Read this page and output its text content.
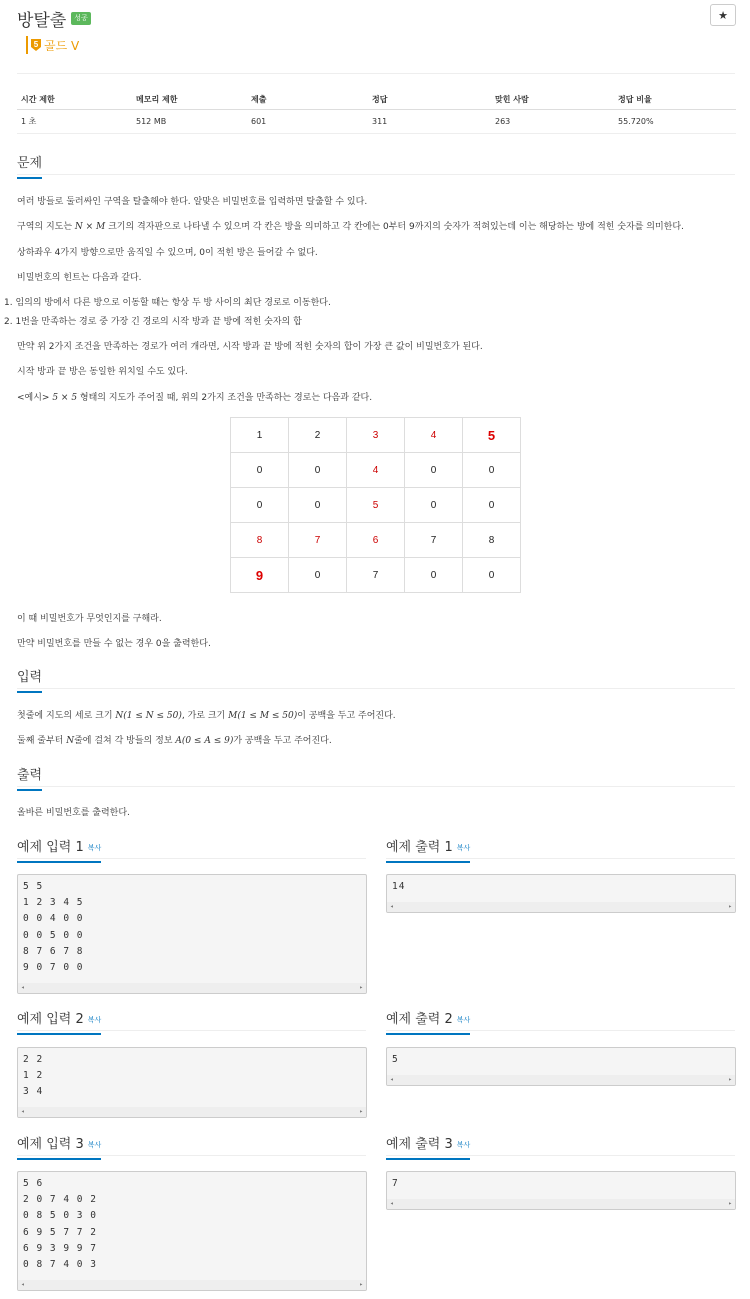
방탈출	성공	★
5 골드 V
시간 제한	메모리 제한	제출	정답	맞힌 사람	정답 비율
1 초	512 MB	601	311	263	55.720%
문제
여러 방들로 둘러싸인 구역을 탈출해야 한다. 알맞은 비밀번호를 입력하면 탈출할 수 있다.
구역의 지도는 N × M 크기의 격자판으로 나타낼 수 있으며 각 칸은 방을 의미하고 각 칸에는 0부터 9까지의 숫자가 적혀있는데 이는 해당하는 방에 적힌 숫자를 의미한다.
상하좌우 4가지 방향으로만 움직일 수 있으며, 0이 적힌 방은 들어갈 수 없다.
비밀번호의 힌트는 다음과 같다.
1. 임의의 방에서 다른 방으로 이동할 때는 항상 두 방 사이의 최단 경로로 이동한다.
2. 1번을 만족하는 경로 중 가장 긴 경로의 시작 방과 끝 방에 적힌 숫자의 합
만약 위 2가지 조건을 만족하는 경로가 여러 개라면, 시작 방과 끝 방에 적힌 숫자의 합이 가장 큰 값이 비밀번호가 된다.
시작 방과 끝 방은 동일한 위치일 수도 있다.
<예시> 5 × 5 형태의 지도가 주어질 때, 위의 2가지 조건을 만족하는 경로는 다음과 같다.
1	2	3	4	5
0	0	4	0	0
0	0	5	0	0
8	7	6	7	8
9	0	7	0	0
이 때 비밀번호가 무엇인지를 구해라.
만약 비밀번호를 만들 수 없는 경우 0을 출력한다.
입력
첫줄에 지도의 세로 크기 N(1 ≤ N ≤ 50), 가로 크기 M(1 ≤ M ≤ 50)이 공백을 두고 주어진다.
둘째 줄부터 N줄에 걸쳐 각 방들의 정보 A(0 ≤ A ≤ 9)가 공백을 두고 주어진다.
출력
올바른 비밀번호를 출력한다.
예제 입력 1 복사	예제 출력 1 복사
5 5
1 2 3 4 5
0 0 4 0 0
0 0 5 0 0
8 7 6 7 8
9 0 7 0 0
◂	▸
14
◂	▸
예제 입력 2 복사	예제 출력 2 복사
2 2
1 2
3 4
◂	▸
5
◂	▸
예제 입력 3 복사	예제 출력 3 복사
5 6
2 0 7 4 0 2
0 8 5 0 3 0
6 9 5 7 7 2
6 9 3 9 9 7
0 8 7 4 0 3
◂	▸
7
◂	▸
